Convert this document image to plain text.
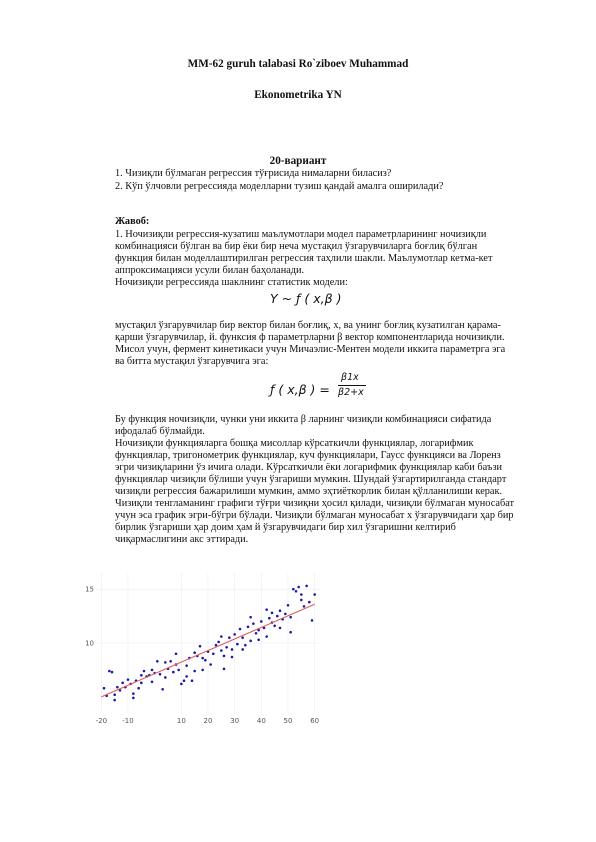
MM-62 guruh talabasi Ro`ziboev Muhammad
Ekonometrika YN
20-вариант
1. Чизиқли бўлмаган регрессия тўғрисида нималарни биласиз?
2. Кўп ўлчовли регрессияда моделларни тузиш қандай амалга оширилади?
Жавоб:
1. Ночизиқли регрессия-кузатиш маълумотлари модел параметрларининг ночизиқли
комбинацияси бўлган ва бир ёки бир неча мустақил ўзгарувчиларга боғлиқ бўлган
функция билан моделлаштирилган регрессия таҳлили шакли. Маълумотлар кетма-кет
аппроксимацияси усули билан баҳоланади.
Ночизиқли регрессияда шаклнинг статистик модели:
Y ~ ƒ ( x,β )
мустақил ўзгарувчилар бир вектор билан боғлиқ, x, ва унинг боғлиқ кузатилган қарама-
қарши ўзгарувчилар, й. функсия ф параметрларни β вектор компонентларида ночизиқли.
Мисол учун, фермент кинетикаси учун Мичаэлис-Ментен модели иккита параметрга эга
ва битта мустақил ўзгарувчига эга:
ƒ ( x,β ) =
β1x
β2+x
Бу функция ночизиқли, чунки уни иккита β ларнинг чизиқли комбинацияси сифатида
ифодалаб бўлмайди.
Ночизиқли функцияларга бошқа мисоллар кўрсаткичли функциялар, логарифмик
функциялар, тригонометрик функциялар, куч функциялари, Гаусс функцияси ва Лоренз
эгри чизиқларини ўз ичига олади. Кўрсаткичли ёки логарифмик функциялар каби баъзи
функциялар чизиқли бўлиши учун ўзгариши мумкин. Шундай ўзгартирилганда стандарт
чизиқли регрессия бажарилиши мумкин, аммо эҳтиёткорлик билан қўлланилиши керак.
Чизиқли тенгламанинг графиги тўғри чизиқни ҳосил қилади, чизиқли бўлмаган муносабат
учун эса график эгри-бўгри бўлади. Чизиқли бўлмаган муносабат x ўзгарувчидаги ҳар бир
бирлик ўзгариши ҳар доим ҳам й ўзгарувчидаги бир хил ўзгаришни келтириб
чиқармаслигини акс эттиради.
-20 -10	10	20	30	40	50	60
10
15
